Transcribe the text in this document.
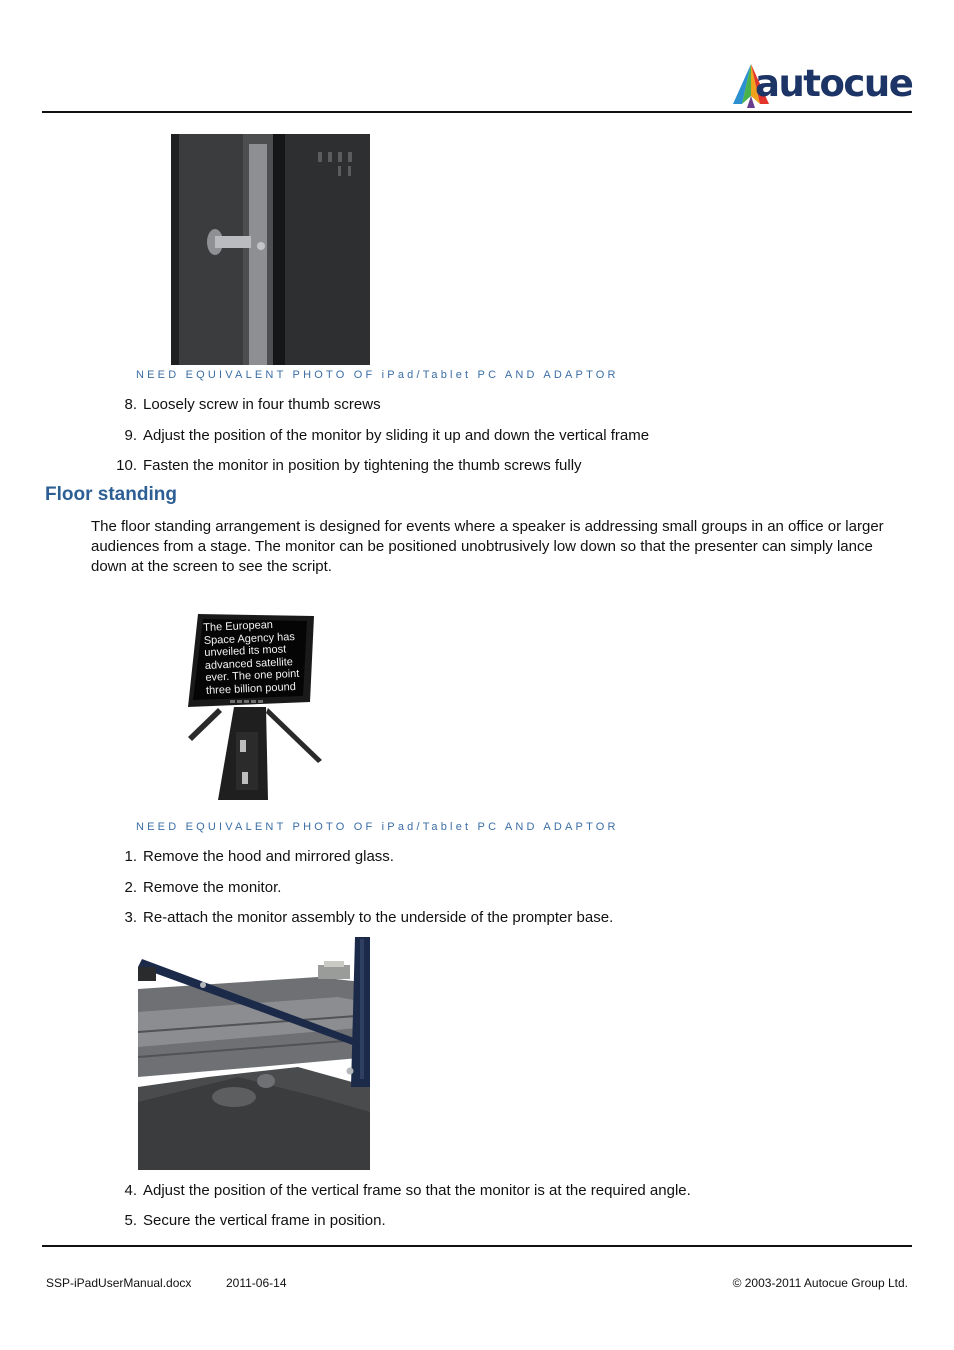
autocue
NEED EQUIVALENT PHOTO OF iPad/Tablet PC AND ADAPTOR
8. Loosely screw in four thumb screws
9. Adjust the position of the monitor by sliding it up and down the vertical frame
10. Fasten the monitor in position by tightening the thumb screws fully
Floor standing
The floor standing arrangement is designed for events where a speaker is addressing small groups in an office or larger audiences from a stage. The monitor can be positioned unobtrusively low down so that the presenter can simply lance down at the screen to see the script.
The European
Space Agency has
unveiled its most
advanced satellite
ever. The one point
three billion pound
NEED EQUIVALENT PHOTO OF iPad/Tablet PC AND ADAPTOR
1. Remove the hood and mirrored glass.
2. Remove the monitor.
3. Re-attach the monitor assembly to the underside of the prompter base.
4. Adjust the position of the vertical frame so that the monitor is at the required angle.
5. Secure the vertical frame in position.
SSP-iPadUserManual.docx	2011-06-14	© 2003-2011 Autocue Group Ltd.
